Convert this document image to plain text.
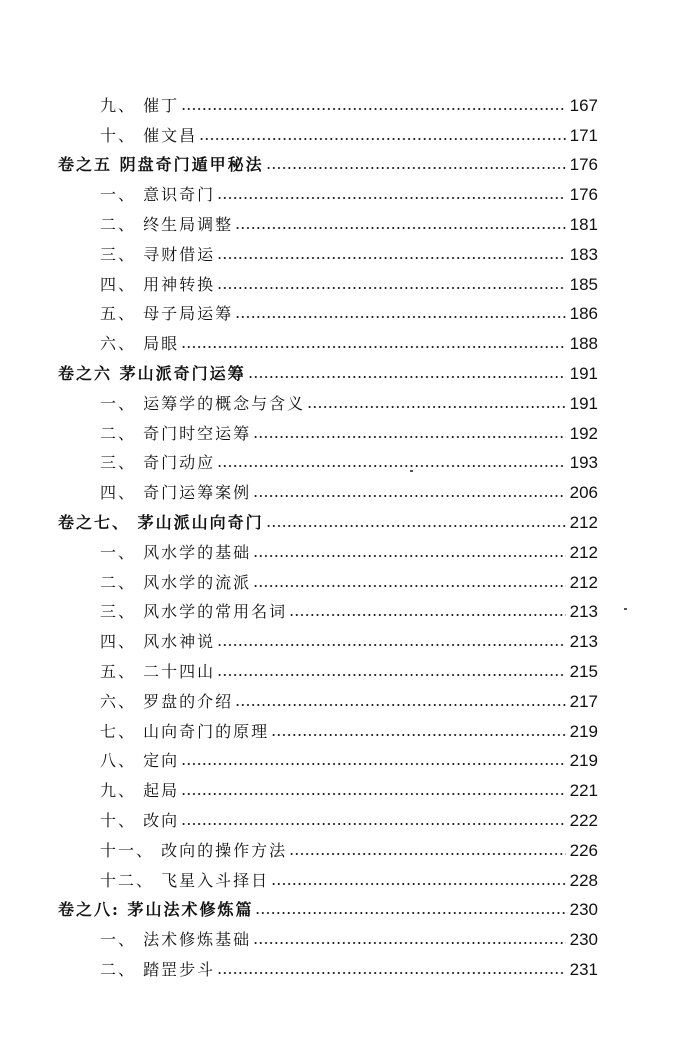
九、 催丁	167
十、 催文昌	171
卷之五 阴盘奇门遁甲秘法	176
一、 意识奇门	176
二、 终生局调整	181
三、 寻财借运	183
四、 用神转换	185
五、 母子局运筹	186
六、 局眼	188
卷之六 茅山派奇门运筹	191
一、 运筹学的概念与含义	191
二、 奇门时空运筹	192
三、 奇门动应	193
四、 奇门运筹案例	206
卷之七、 茅山派山向奇门	212
一、 风水学的基础	212
二、 风水学的流派	212
三、 风水学的常用名词	213
四、 风水神说	213
五、 二十四山	215
六、 罗盘的介绍	217
七、 山向奇门的原理	219
八、 定向	219
九、 起局	221
十、 改向	222
十一、 改向的操作方法	226
十二、 飞星入斗择日	228
卷之八: 茅山法术修炼篇	230
一、 法术修炼基础	230
二、 踏罡步斗	231
